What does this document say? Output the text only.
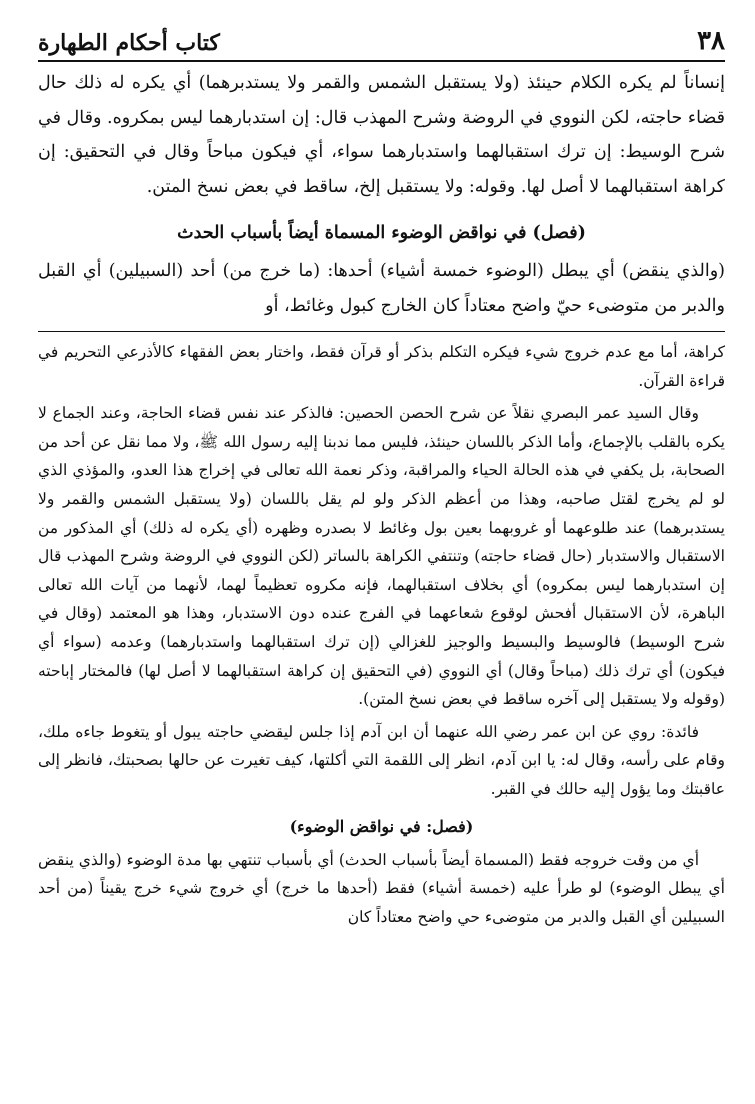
٣٨
كتاب أحكام الطهارة

إنساناً لم يكره الكلام حينئذ (ولا يستقبل الشمس والقمر ولا يستدبرهما) أي يكره له ذلك حال قضاء حاجته، لكن النووي في الروضة وشرح المهذب قال: إن استدبارهما ليس بمكروه. وقال في شرح الوسيط: إن ترك استقبالهما واستدبارهما سواء، أي فيكون مباحاً وقال في التحقيق: إن كراهة استقبالهما لا أصل لها. وقوله: ولا يستقبل إلخ، ساقط في بعض نسخ المتن.

(فصل) في نواقض الوضوء المسماة أيضاً بأسباب الحدث

(والذي ينقض) أي يبطل (الوضوء خمسة أشياء) أحدها: (ما خرج من) أحد (السبيلين) أي القبل والدبر من متوضىء حيّ واضح معتاداً كان الخارج كبول وغائط، أو

كراهة، أما مع عدم خروج شيء فيكره التكلم بذكر أو قرآن فقط، واختار بعض الفقهاء كالأذرعي التحريم في قراءة القرآن.

وقال السيد عمر البصري نقلاً عن شرح الحصن الحصين: فالذكر عند نفس قضاء الحاجة، وعند الجماع لا يكره بالقلب بالإجماع، وأما الذكر باللسان حينئذ، فليس مما ندبنا إليه رسول الله ﷺ، ولا مما نقل عن أحد من الصحابة، بل يكفي في هذه الحالة الحياء والمراقبة، وذكر نعمة الله تعالى في إخراج هذا العدو، والمؤذي الذي لو لم يخرج لقتل صاحبه، وهذا من أعظم الذكر ولو لم يقل باللسان (ولا يستقبل الشمس والقمر ولا يستدبرهما) عند طلوعهما أو غروبهما بعين بول وغائط لا بصدره وظهره (أي يكره له ذلك) أي المذكور من الاستقبال والاستدبار (حال قضاء حاجته) وتنتفي الكراهة بالساتر (لكن النووي في الروضة وشرح المهذب قال إن استدبارهما ليس بمكروه) أي بخلاف استقبالهما، فإنه مكروه تعظيماً لهما، لأنهما من آيات الله تعالى الباهرة، لأن الاستقبال أفحش لوقوع شعاعهما في الفرج عنده دون الاستدبار، وهذا هو المعتمد (وقال في شرح الوسيط) فالوسيط والبسيط والوجيز للغزالي (إن ترك استقبالهما واستدبارهما) وعدمه (سواء أي فيكون) أي ترك ذلك (مباحاً وقال) أي النووي (في التحقيق إن كراهة استقبالهما لا أصل لها) فالمختار إباحته (وقوله ولا يستقبل إلى آخره ساقط في بعض نسخ المتن).

فائدة: روي عن ابن عمر رضي الله عنهما أن ابن آدم إذا جلس ليقضي حاجته يبول أو يتغوط جاءه ملك، وقام على رأسه، وقال له: يا ابن آدم، انظر إلى اللقمة التي أكلتها، كيف تغيرت عن حالها بصحبتك، فانظر إلى عاقبتك وما يؤول إليه حالك في القبر.

(فصل: في نواقض الوضوء)

أي من وقت خروجه فقط (المسماة أيضاً بأسباب الحدث) أي بأسباب تنتهي بها مدة الوضوء (والذي ينقض أي يبطل الوضوء) لو طرأ عليه (خمسة أشياء) فقط (أحدها ما خرج) أي خروج شيء خرج يقيناً (من أحد السبيلين أي القبل والدبر من متوضىء حي واضح معتاداً كان
